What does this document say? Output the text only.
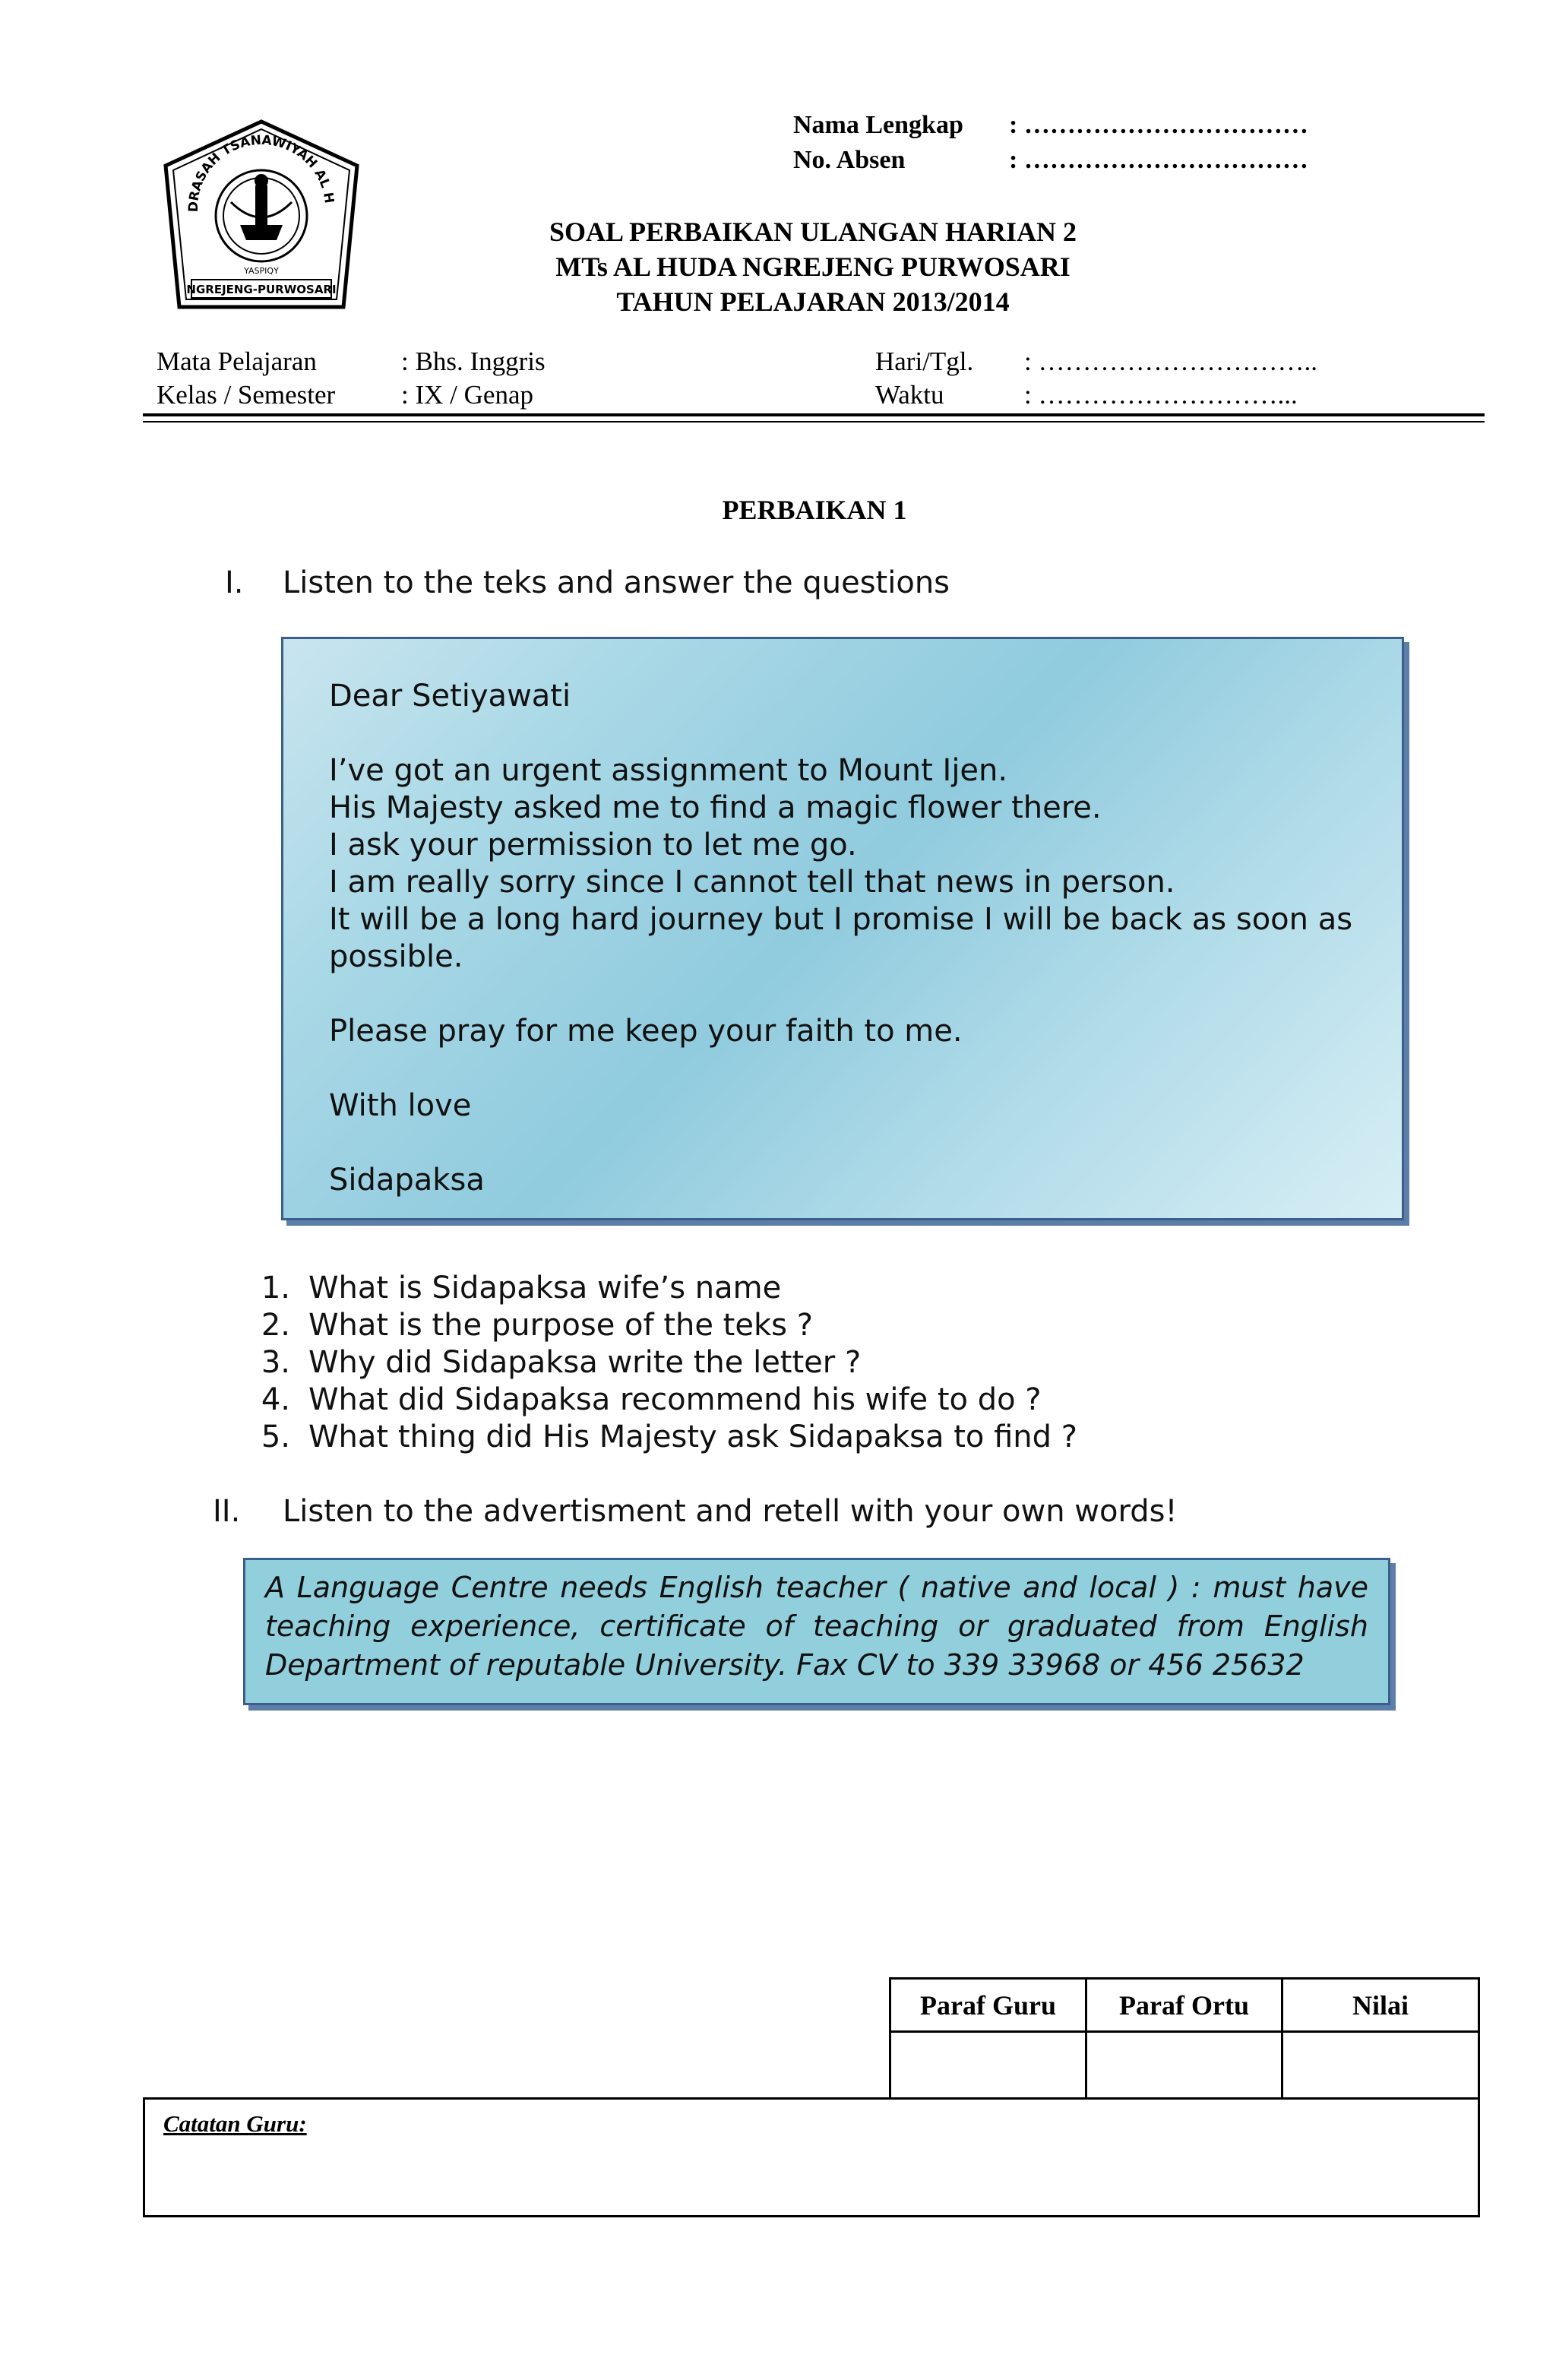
DRASAH TSANAWIYAH AL H
YASPIQY
NGREJENG-PURWOSARI
Nama Lengkap : ……………………………
No. Absen	: ……………………………
SOAL PERBAIKAN ULANGAN HARIAN 2
MTs AL HUDA NGREJENG PURWOSARI
TAHUN PELAJARAN 2013/2014
Mata Pelajaran	: Bhs. Inggris
Kelas / Semester : IX / Genap
Hari/Tgl. : …………………………..
Waktu	: ………………………...
PERBAIKAN 1
I. Listen to the teks and answer the questions
Dear Setiyawati
I’ve got an urgent assignment to Mount Ijen.
His Majesty asked me to find a magic flower there.
I ask your permission to let me go.
I am really sorry since I cannot tell that news in person.
It will be a long hard journey but I promise I will be back as soon as
possible.
Please pray for me keep your faith to me.
With love
Sidapaksa
1. What is Sidapaksa wife’s name
2. What is the purpose of the teks ?
3. Why did Sidapaksa write the letter ?
4. What did Sidapaksa recommend his wife to do ?
5. What thing did His Majesty ask Sidapaksa to find ?
II. Listen to the advertisment and retell with your own words!
A Language Centre needs English teacher ( native and local ) : must have
teaching experience, certificate of teaching or graduated from English
Department of reputable University. Fax CV to 339 33968 or 456 25632
Paraf Guru	Paraf Ortu	Nilai
Catatan Guru:
